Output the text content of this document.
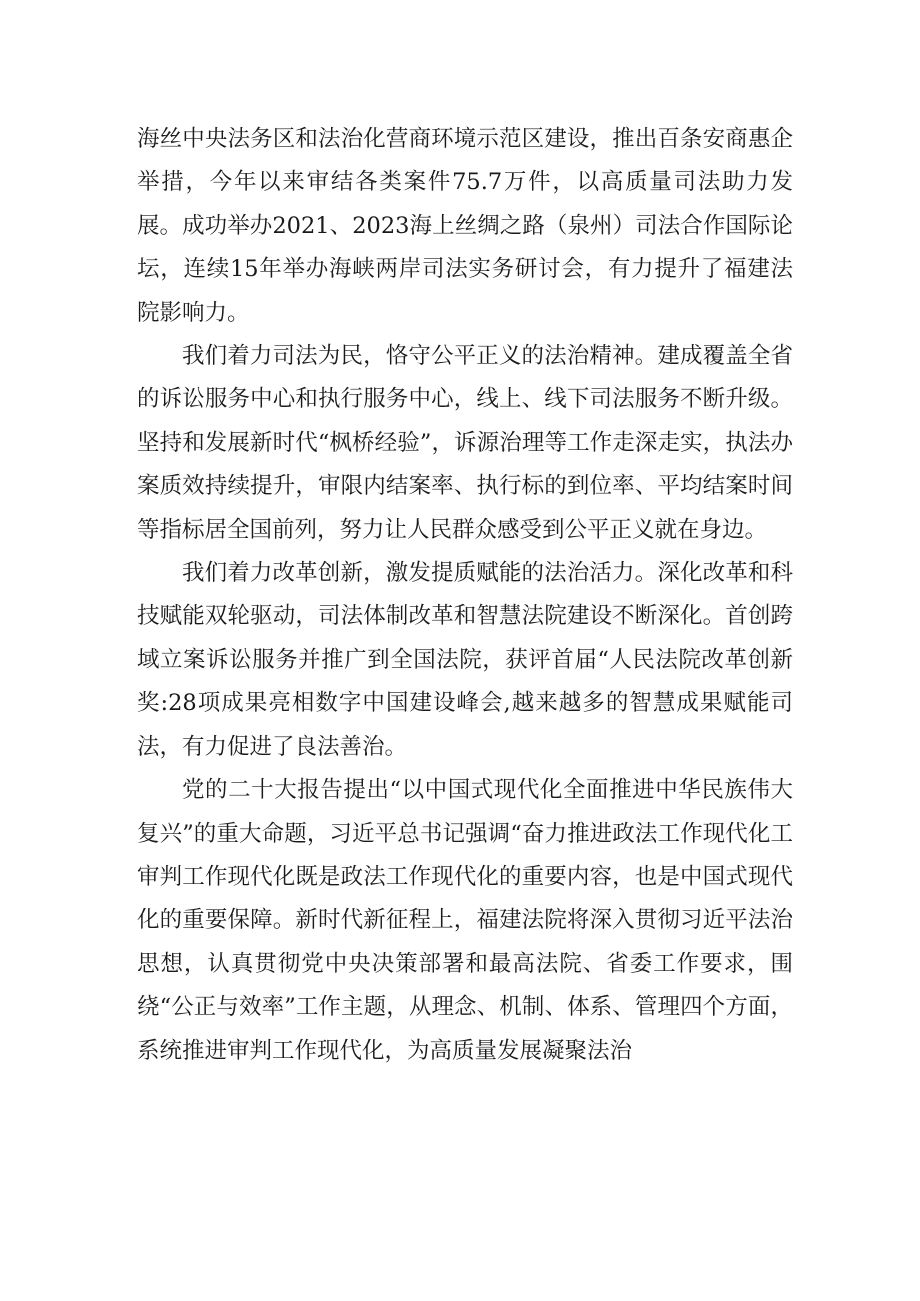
海丝中央法务区和法治化营商环境示范区建设，推出百条安商惠企举措，今年以来审结各类案件75.7万件，以高质量司法助力发展。成功举办2021、2023海上丝绸之路（泉州）司法合作国际论坛，连续15年举办海峡两岸司法实务研讨会，有力提升了福建法院影响力。

我们着力司法为民，恪守公平正义的法治精神。建成覆盖全省的诉讼服务中心和执行服务中心，线上、线下司法服务不断升级。坚持和发展新时代“枫桥经验”，诉源治理等工作走深走实，执法办案质效持续提升，审限内结案率、执行标的到位率、平均结案时间等指标居全国前列，努力让人民群众感受到公平正义就在身边。

我们着力改革创新，激发提质赋能的法治活力。深化改革和科技赋能双轮驱动，司法体制改革和智慧法院建设不断深化。首创跨域立案诉讼服务并推广到全国法院，获评首届“人民法院改革创新奖:28项成果亮相数字中国建设峰会,越来越多的智慧成果赋能司法，有力促进了良法善治。

党的二十大报告提出“以中国式现代化全面推进中华民族伟大复兴”的重大命题，习近平总书记强调“奋力推进政法工作现代化工审判工作现代化既是政法工作现代化的重要内容，也是中国式现代化的重要保障。新时代新征程上，福建法院将深入贯彻习近平法治思想，认真贯彻党中央决策部署和最高法院、省委工作要求，围绕“公正与效率”工作主题，从理念、机制、体系、管理四个方面，系统推进审判工作现代化，为高质量发展凝聚法治
